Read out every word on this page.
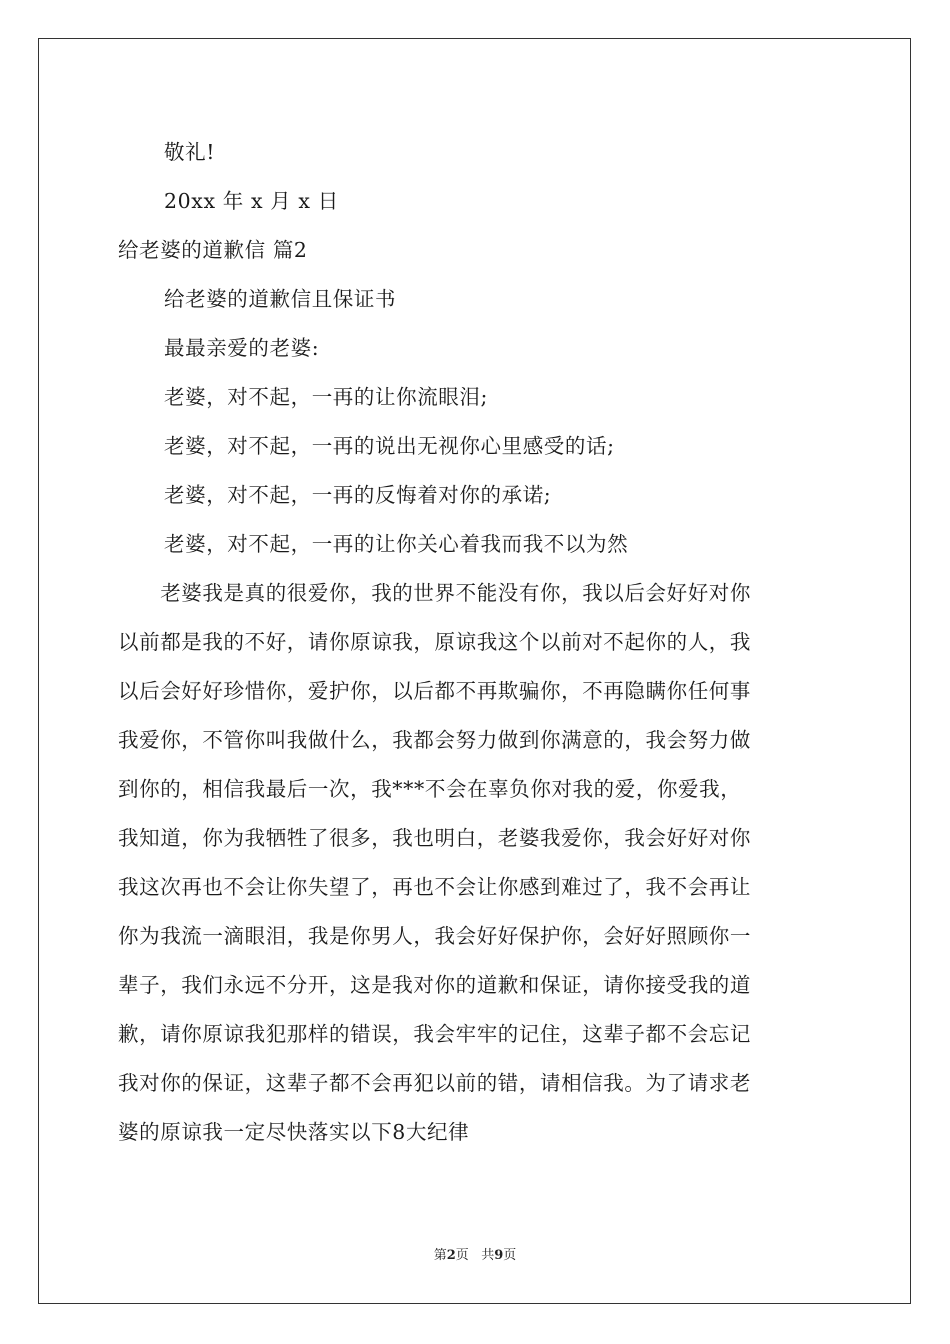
敬礼!
20xx 年 x 月 x 日
给老婆的道歉信 篇2
给老婆的道歉信且保证书
最最亲爱的老婆:
老婆，对不起，一再的让你流眼泪;
老婆，对不起，一再的说出无视你心里感受的话;
老婆，对不起，一再的反悔着对你的承诺;
老婆，对不起，一再的让你关心着我而我不以为然
　　老婆我是真的很爱你，我的世界不能没有你，我以后会好好对你
以前都是我的不好，请你原谅我，原谅我这个以前对不起你的人，我
以后会好好珍惜你，爱护你，以后都不再欺骗你，不再隐瞒你任何事
我爱你，不管你叫我做什么，我都会努力做到你满意的，我会努力做
到你的，相信我最后一次，我***不会在辜负你对我的爱，你爱我，
我知道，你为我牺牲了很多，我也明白，老婆我爱你，我会好好对你
我这次再也不会让你失望了，再也不会让你感到难过了，我不会再让
你为我流一滴眼泪，我是你男人，我会好好保护你，会好好照顾你一
辈子，我们永远不分开，这是我对你的道歉和保证，请你接受我的道
歉，请你原谅我犯那样的错误，我会牢牢的记住，这辈子都不会忘记
我对你的保证，这辈子都不会再犯以前的错，请相信我。为了请求老
婆的原谅我一定尽快落实以下8大纪律
第2页 共9页
